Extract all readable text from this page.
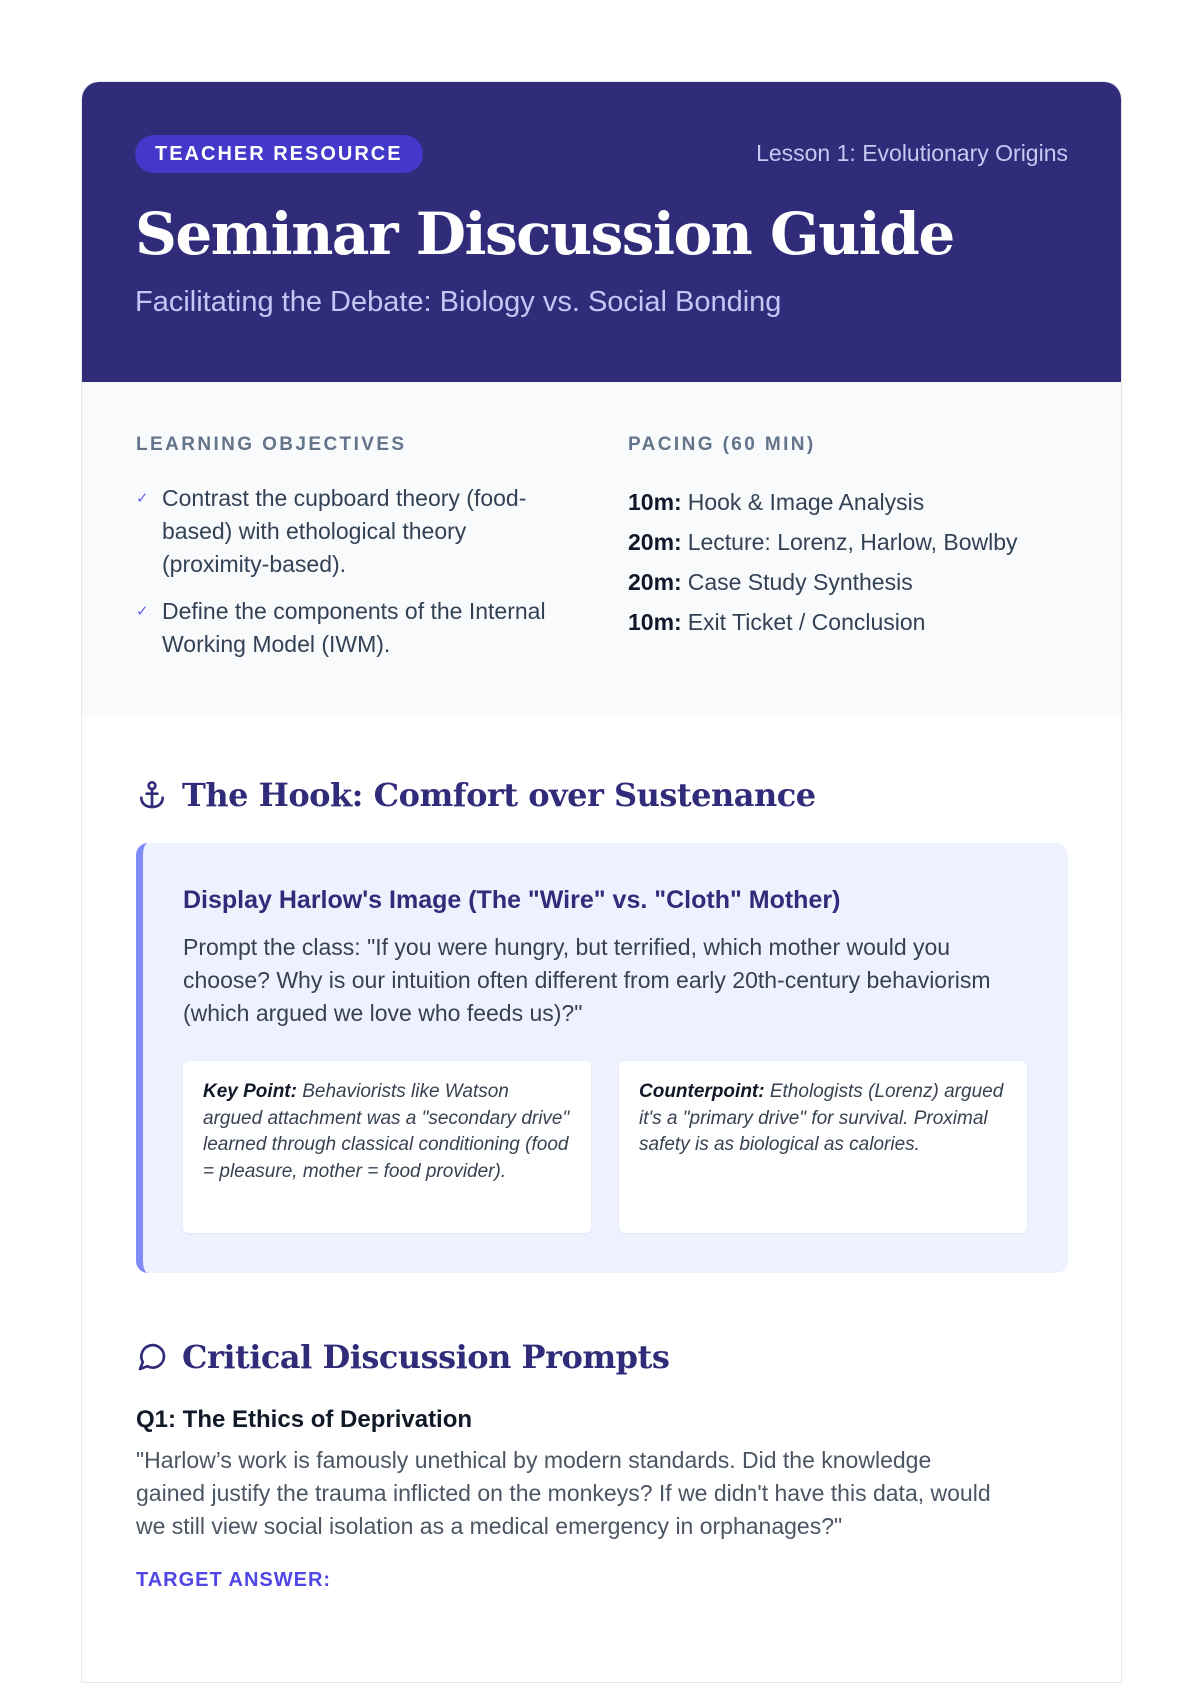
TEACHER RESOURCE	Lesson 1: Evolutionary Origins
Seminar Discussion Guide
Facilitating the Debate: Biology vs. Social Bonding
LEARNING OBJECTIVES
✓ Contrast the cupboard theory (food-based) with ethological theory (proximity-based).
✓ Define the components of the Internal Working Model (IWM).
PACING (60 MIN)
10m: Hook & Image Analysis
20m: Lecture: Lorenz, Harlow, Bowlby
20m: Case Study Synthesis
10m: Exit Ticket / Conclusion
The Hook: Comfort over Sustenance
Display Harlow's Image (The "Wire" vs. "Cloth" Mother)
Prompt the class: "If you were hungry, but terrified, which mother would you choose? Why is our intuition often different from early 20th-century behaviorism (which argued we love who feeds us)?"
Key Point: Behaviorists like Watson argued attachment was a "secondary drive" learned through classical conditioning (food = pleasure, mother = food provider).
Counterpoint: Ethologists (Lorenz) argued it's a "primary drive" for survival. Proximal safety is as biological as calories.
Critical Discussion Prompts
Q1: The Ethics of Deprivation
"Harlow’s work is famously unethical by modern standards. Did the knowledge gained justify the trauma inflicted on the monkeys? If we didn't have this data, would we still view social isolation as a medical emergency in orphanages?"
TARGET ANSWER:
